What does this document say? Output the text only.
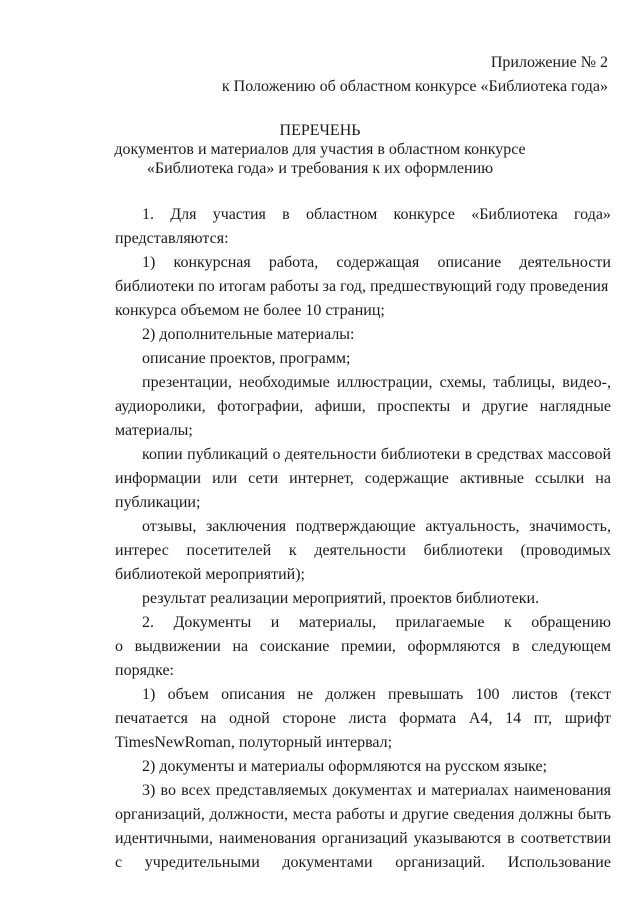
Приложение № 2
к Положению об областном конкурсе «Библиотека года»
ПЕРЕЧЕНЬ
документов и материалов для участия в областном конкурсе
«Библиотека года» и требования к их оформлению
1. Для участия в областном конкурсе «Библиотека года»
представляются:
1) конкурсная работа, содержащая описание деятельности
библиотеки по итогам работы за год, предшествующий году проведения
конкурса объемом не более 10 страниц;
2) дополнительные материалы:
описание проектов, программ;
презентации, необходимые иллюстрации, схемы, таблицы, видео-,
аудиоролики, фотографии, афиши, проспекты и другие наглядные
материалы;
копии публикаций о деятельности библиотеки в средствах массовой
информации или сети интернет, содержащие активные ссылки на
публикации;
отзывы, заключения подтверждающие актуальность, значимость,
интерес посетителей к деятельности библиотеки (проводимых
библиотекой мероприятий);
результат реализации мероприятий, проектов библиотеки.
2. Документы и материалы, прилагаемые к обращению
о выдвижении на соискание премии, оформляются в следующем
порядке:
1) объем описания не должен превышать 100 листов (текст
печатается на одной стороне листа формата А4, 14 пт, шрифт
TimesNewRoman, полуторный интервал;
2) документы и материалы оформляются на русском языке;
3) во всех представляемых документах и материалах наименования
организаций, должности, места работы и другие сведения должны быть
идентичными, наименования организаций указываются в соответствии
с учредительными документами организаций. Использование
